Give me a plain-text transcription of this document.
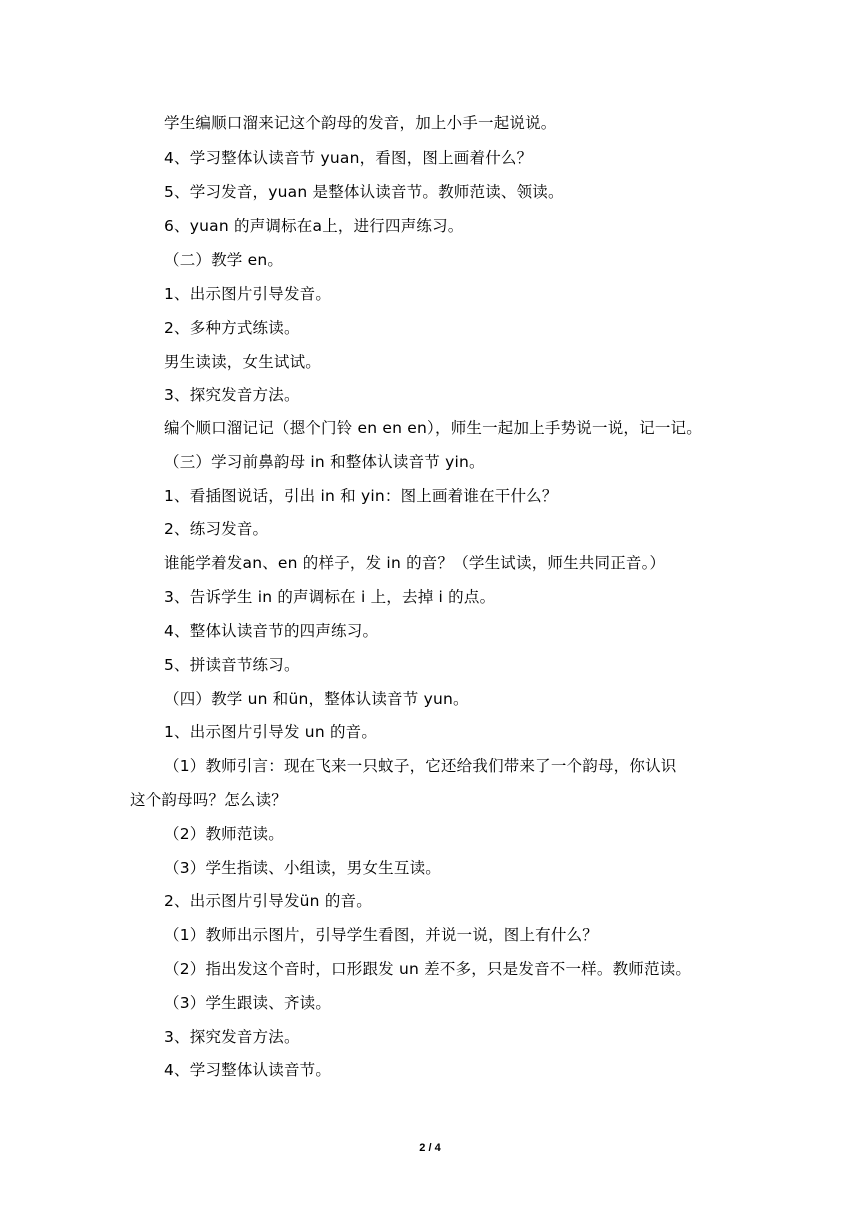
学生编顺口溜来记这个韵母的发音，加上小手一起说说。
4、学习整体认读音节 yuan，看图，图上画着什么？
5、学习发音，yuan 是整体认读音节。教师范读、领读。
6、yuan 的声调标在a上，进行四声练习。
（二）教学 en。
1、出示图片引导发音。
2、多种方式练读。
男生读读，女生试试。
3、探究发音方法。
编个顺口溜记记（摁个门铃 en en en），师生一起加上手势说一说，记一记。
（三）学习前鼻韵母 in 和整体认读音节 yin。
1、看插图说话，引出 in 和 yin：图上画着谁在干什么？
2、练习发音。
谁能学着发an、en 的样子，发 in 的音？（学生试读，师生共同正音。）
3、告诉学生 in 的声调标在 i 上，去掉 i 的点。
4、整体认读音节的四声练习。
5、拼读音节练习。
（四）教学 un 和ün，整体认读音节 yun。
1、出示图片引导发 un 的音。
（1）教师引言：现在飞来一只蚊子，它还给我们带来了一个韵母，你认识
这个韵母吗？怎么读？
（2）教师范读。
（3）学生指读、小组读，男女生互读。
2、出示图片引导发ün 的音。
（1）教师出示图片，引导学生看图，并说一说，图上有什么？
（2）指出发这个音时，口形跟发 un 差不多，只是发音不一样。教师范读。
（3）学生跟读、齐读。
3、探究发音方法。
4、学习整体认读音节。
2 / 4
